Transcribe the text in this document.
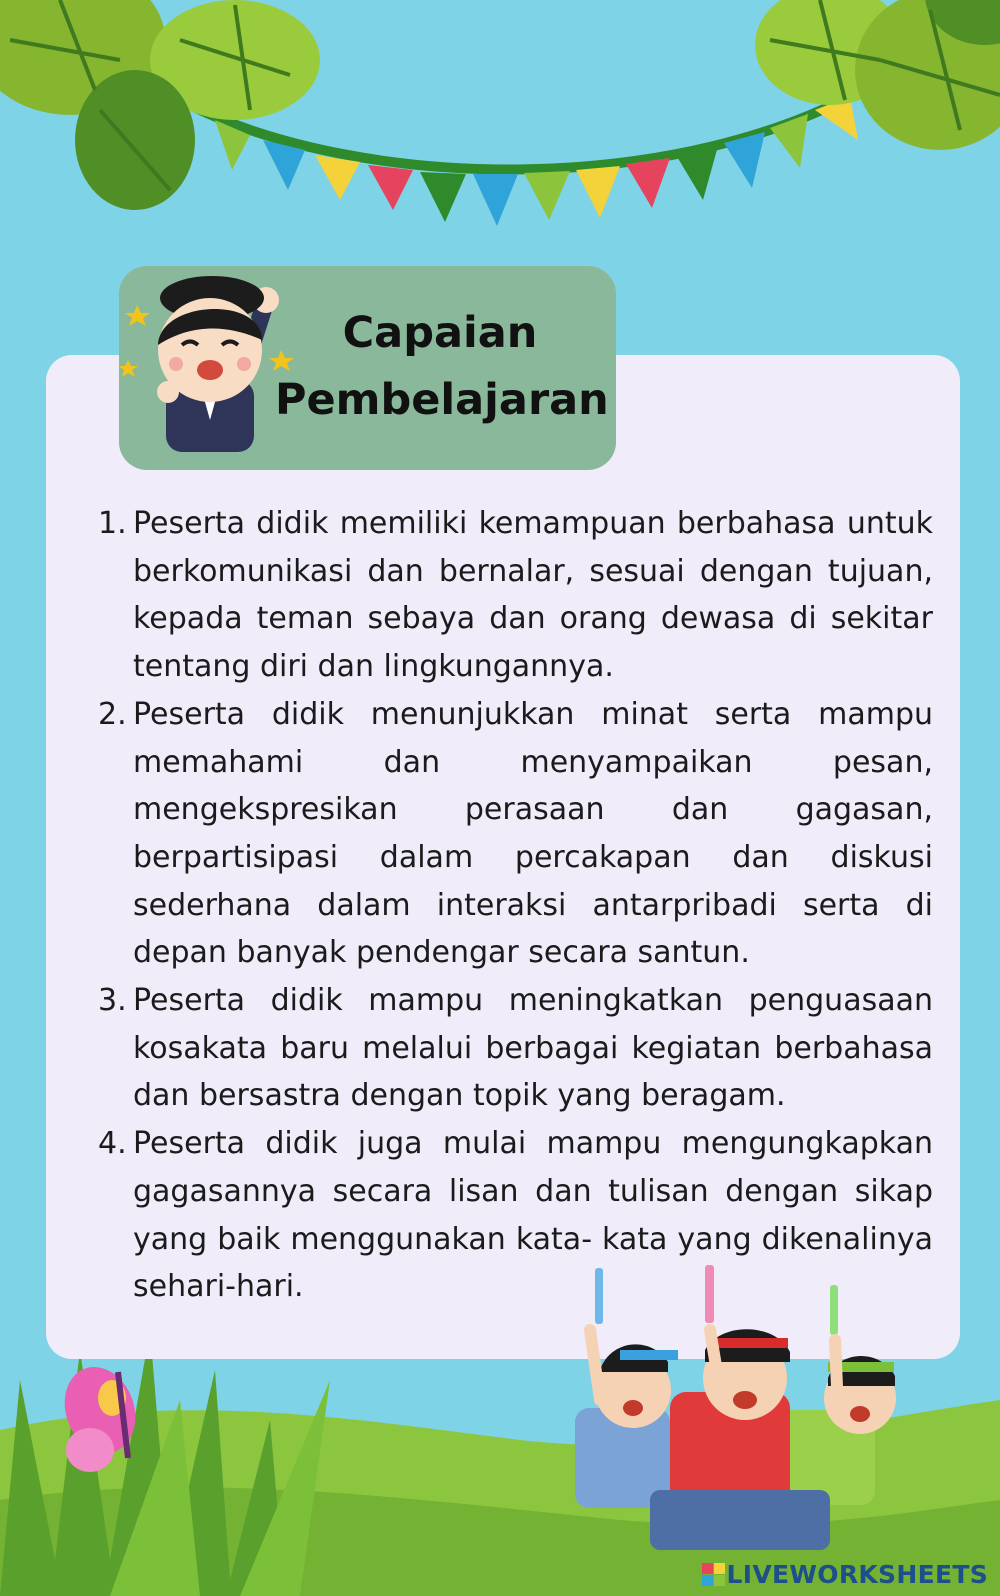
Capaian
Pembelajaran
1. Peserta didik memiliki kemampuan berbahasa untuk berkomunikasi dan bernalar, sesuai dengan tujuan, kepada teman sebaya dan orang dewasa di sekitar tentang diri dan lingkungannya.
2. Peserta didik menunjukkan minat serta mampu memahami dan menyampaikan pesan, mengekspresikan perasaan dan gagasan, berpartisipasi dalam percakapan dan diskusi sederhana dalam interaksi antarpribadi serta di depan banyak pendengar secara santun.
3. Peserta didik mampu meningkatkan penguasaan kosakata baru melalui berbagai kegiatan berbahasa dan bersastra dengan topik yang beragam.
4. Peserta didik juga mulai mampu mengungkapkan gagasannya secara lisan dan tulisan dengan sikap yang baik menggunakan kata- kata yang dikenalinya sehari-hari.
LIVEWORKSHEETS
